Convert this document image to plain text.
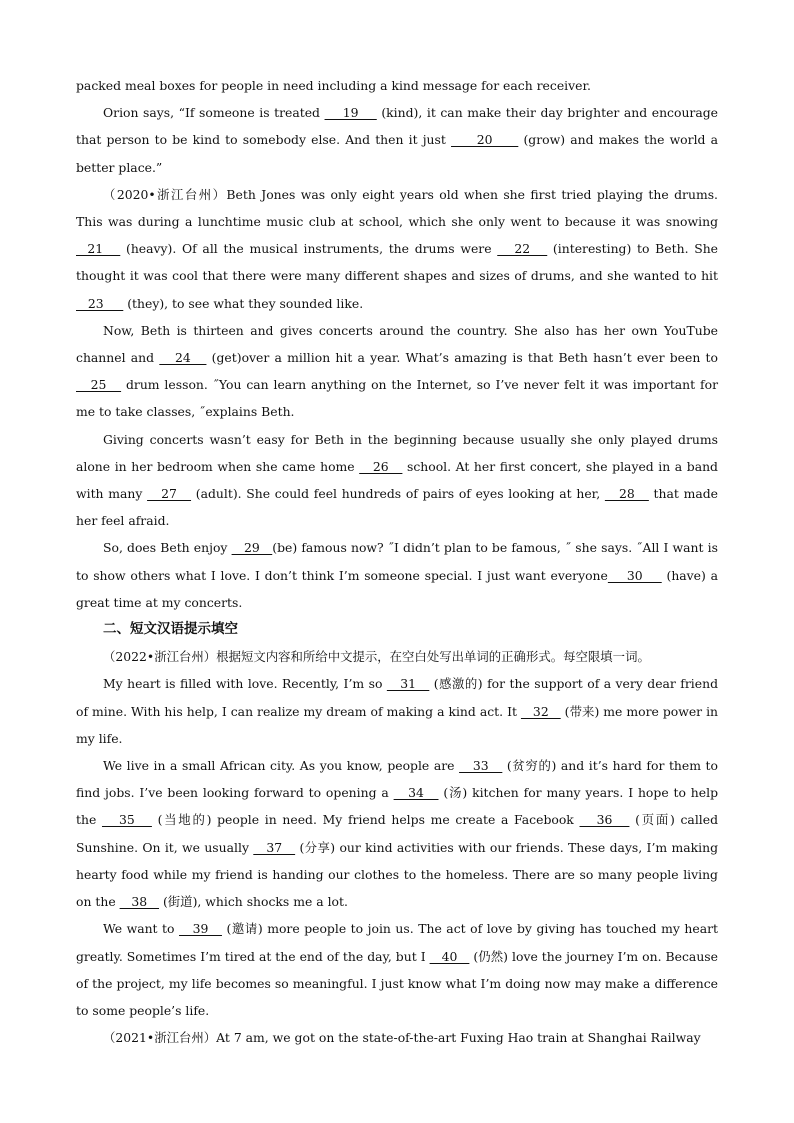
packed meal boxes for people in need including a kind message for each receiver.

Orion says, “If someone is treated     19     (kind), it can make their day brighter and encourage that person to be kind to somebody else. And then it just      20      (grow) and makes the world a better place.”

（2020•浙江台州）Beth Jones was only eight years old when she first tried playing the drums. This was during a lunchtime music club at school, which she only went to because it was snowing   21    (heavy). Of all the musical instruments, the drums were    22    (interesting) to Beth. She thought it was cool that there were many different shapes and sizes of drums, and she wanted to hit    23      (they), to see what they sounded like.

Now, Beth is thirteen and gives concerts around the country. She also has her own YouTube channel and    24    (get)over a million hit a year. What’s amazing is that Beth hasn’t ever been to    25    drum lesson. ˝You can learn anything on the Internet, so I’ve never felt it was important for me to take classes, ˝explains Beth.

Giving concerts wasn’t easy for Beth in the beginning because usually she only played drums alone in her bedroom when she came home    26    school. At her first concert, she played in a band with many    27    (adult). She could feel hundreds of pairs of eyes looking at her,    28    that made her feel afraid.

So, does Beth enjoy    29   (be) famous now? ˝I didn’t plan to be famous, ˝ she says. ˝All I want is to show others what I love. I don’t think I’m someone special. I just want everyone    30     (have) a great time at my concerts.

二、短文汉语提示填空

（2022•浙江台州）根据短文内容和所给中文提示，在空白处写出单词的正确形式。每空限填一词。

My heart is filled with love. Recently, I’m so    31    (感激的) for the support of a very dear friend of mine. With his help, I can realize my dream of making a kind act. It    32    (带来) me more power in my life.

We live in a small African city. As you know, people are    33    (贫穷的) and it’s hard for them to find jobs. I’ve been looking forward to opening a    34    (汤) kitchen for many years. I hope to help the    35    (当地的) people in need. My friend helps me create a Facebook    36    (页面) called Sunshine. On it, we usually    37    (分享) our kind activities with our friends. These days, I’m making hearty food while my friend is handing our clothes to the homeless. There are so many people living on the    38    (街道), which shocks me a lot.

We want to    39    (邀请) more people to join us. The act of love by giving has touched my heart greatly. Sometimes I’m tired at the end of the day, but I    40    (仍然) love the journey I’m on. Because of the project, my life becomes so meaningful. I just know what I’m doing now may make a difference to some people’s life.

（2021•浙江台州）At 7 am, we got on the state-of-the-art Fuxing Hao train at Shanghai Railway
